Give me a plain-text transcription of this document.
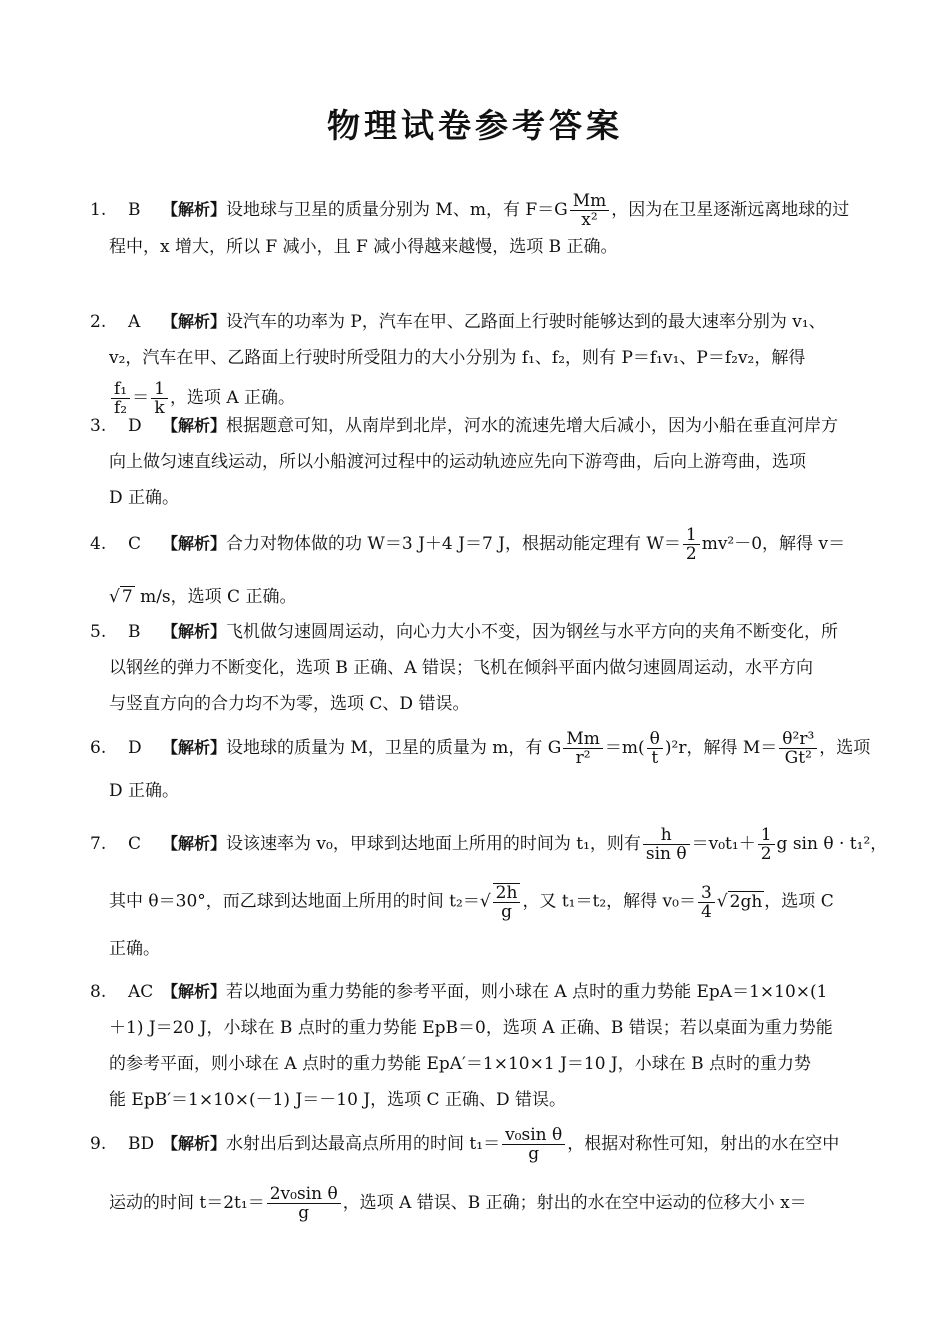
物理试卷参考答案
1. B 【解析】设地球与卫星的质量分别为 M、m，有 $F=G \frac{Mm}{\text{x²}}$ ，因为在卫星逐渐远离地球的过
程中，x 增大，所以 F 减小，且 F 减小得越来越慢，选项 B 正确。
2. A 【解析】设汽车的功率为 P，汽车在甲、乙路面上行驶时能够达到的最大速率分别为 v₁、
v₂，汽车在甲、乙路面上行驶时所受阻力的大小分别为 f₁、f₂，则有 P＝f₁v₁、P＝f₂v₂，解得
$\frac{\text{f₁}}{\text{f₂}} = \frac{1}{k}$ ，选项 A 正确。
3. D 【解析】根据题意可知，从南岸到北岸，河水的流速先增大后减小，因为小船在垂直河岸方
向上做匀速直线运动，所以小船渡河过程中的运动轨迹应先向下游弯曲，后向上游弯曲，选项
D 正确。
4. C 【解析】合力对物体做的功 W＝3 J＋4 J＝7 J，根据动能定理有 $W= \frac{1}{2} mv^2-0$，解得 v＝
√ 7 m/s，选项 C 正确。
5. B 【解析】飞机做匀速圆周运动，向心力大小不变，因为钢丝与水平方向的夹角不断变化，所
以钢丝的弹力不断变化，选项 B 正确、A 错误；飞机在倾斜平面内做匀速圆周运动，水平方向
与竖直方向的合力均不为零，选项 C、D 错误。
6. D 【解析】设地球的质量为 M，卫星的质量为 m，有 G $\frac{Mm}{\text{r²}} =m( \frac{\theta}{t} )^2r$，解得 $M= \frac{\text{θ²r³}}{\text{Gt²}}$ ，选项
D 正确。
7. C 【解析】设该速率为 v₀，甲球到达地面上所用的时间为 t₁，则有 $\frac{h}{\text{sin θ}} =v_0t_1+ \frac{1}{2}$ g sin θ · t₁²，
其中 θ＝30°，而乙球到达地面上所用的时间 $t_2=√ \frac{2h}{g}$ ，又 t₁＝t₂，解得 $v_0= \frac{3}{4}$ √ 2gh ，选项 C
正确。
8. AC 【解析】若以地面为重力势能的参考平面，则小球在 A 点时的重力势能 EpA＝1×10×(1
＋1) J＝20 J，小球在 B 点时的重力势能 EpB＝0，选项 A 正确、B 错误；若以桌面为重力势能
的参考平面，则小球在 A 点时的重力势能 EpA′＝1×10×1 J＝10 J，小球在 B 点时的重力势
能 EpB′＝1×10×(－1) J＝－10 J，选项 C 正确、D 错误。
9. BD 【解析】水射出后到达最高点所用的时间 $t_1= \frac{\text{v₀sin θ}}{g}$ ，根据对称性可知，射出的水在空中
运动的时间 $t=2t_1= \frac{\text{2v₀sin θ}}{g}$ ，选项 A 错误、B 正确；射出的水在空中运动的位移大小 x＝
